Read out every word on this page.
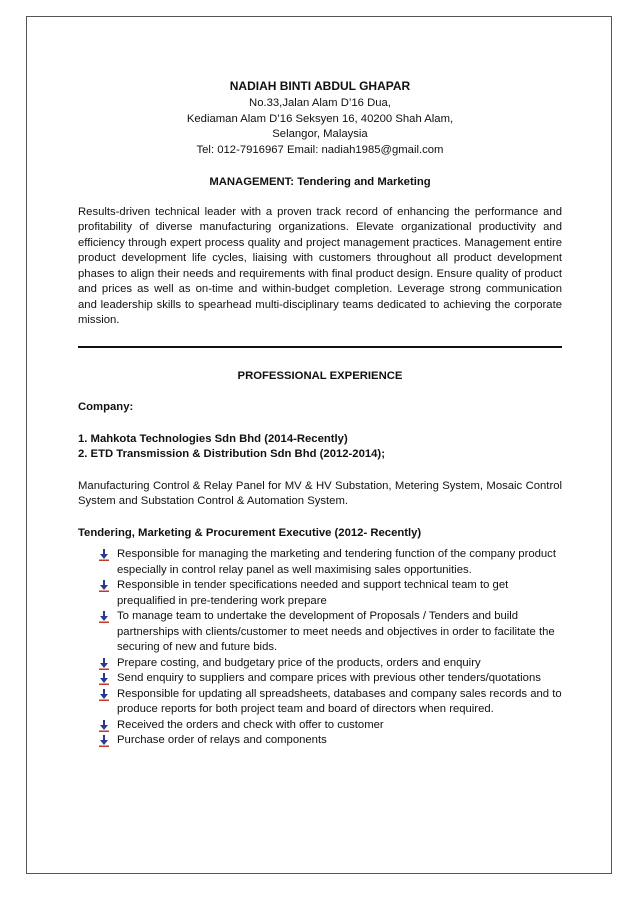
NADIAH BINTI ABDUL GHAPAR
No.33,Jalan Alam D’16 Dua,
Kediaman Alam D’16 Seksyen 16, 40200 Shah Alam,
Selangor, Malaysia
Tel: 012-7916967 Email: nadiah1985@gmail.com
MANAGEMENT: Tendering and Marketing
Results-driven technical leader with a proven track record of enhancing the performance and profitability of diverse manufacturing organizations. Elevate organizational productivity and efficiency through expert process quality and project management practices. Management entire product development life cycles, liaising with customers throughout all product development phases to align their needs and requirements with final product design. Ensure quality of product and prices as well as on-time and within-budget completion. Leverage strong communication and leadership skills to spearhead multi-disciplinary teams dedicated to achieving the corporate mission.
PROFESSIONAL EXPERIENCE
Company:
1. Mahkota Technologies Sdn Bhd (2014-Recently)
2. ETD Transmission & Distribution Sdn Bhd (2012-2014);
Manufacturing Control & Relay Panel for MV & HV Substation, Metering System, Mosaic Control System and Substation Control & Automation System.
Tendering, Marketing & Procurement Executive (2012- Recently)
Responsible for managing the marketing and tendering function of the company product especially in control relay panel as well maximising sales opportunities.
Responsible in tender specifications needed and support technical team to get prequalified in pre-tendering work prepare
To manage team to undertake the development of Proposals / Tenders and build partnerships with clients/customer to meet needs and objectives in order to facilitate the securing of new and future bids.
Prepare costing, and budgetary price of the products, orders and enquiry
Send enquiry to suppliers and compare prices with previous other tenders/quotations
Responsible for updating all spreadsheets, databases and company sales records and to produce reports for both project team and board of directors when required.
Received the orders and check with offer to customer
Purchase order of relays and components
